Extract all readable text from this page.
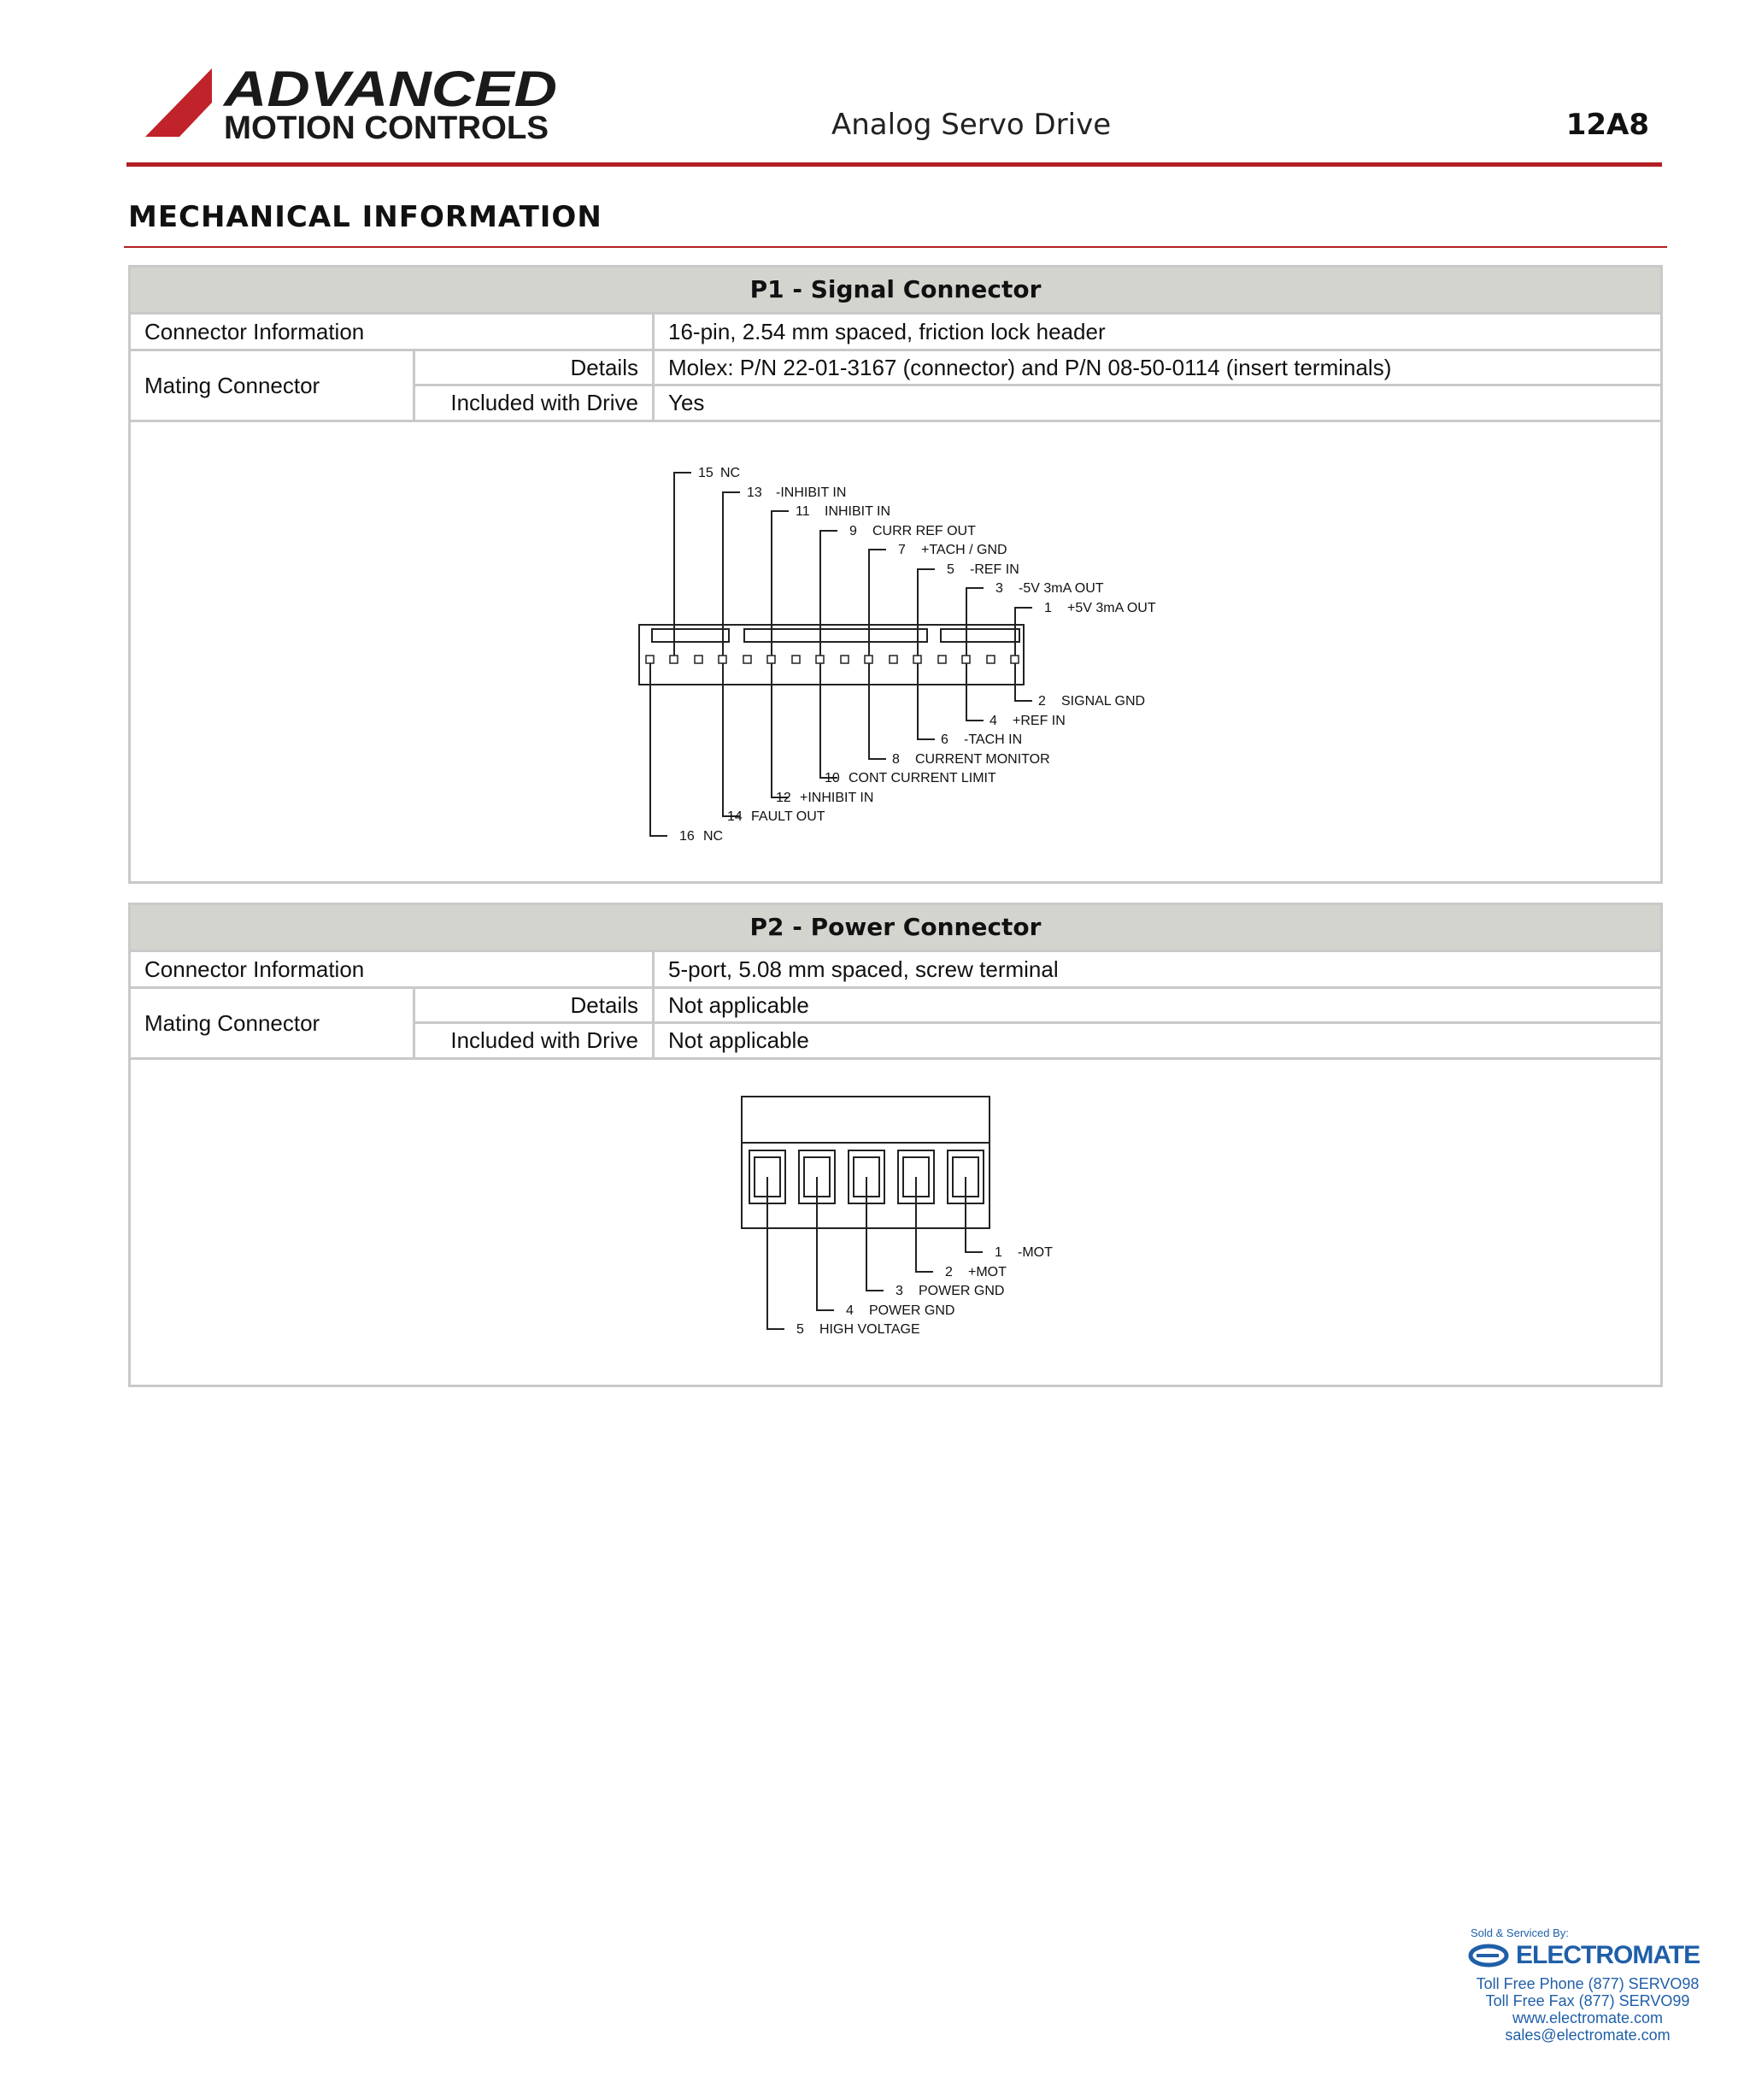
ADVANCED
MOTION CONTROLS	Analog Servo Drive	12A8
MECHANICAL INFORMATION
P1 - Signal Connector
Connector Information	16-pin, 2.54 mm spaced, friction lock header
Mating Connector
Details	Molex: P/N 22-01-3167 (connector) and P/N 08-50-0114 (insert terminals)
Included with Drive	Yes
15 NC
13 -INHIBIT IN
11 INHIBIT IN
9 CURR REF OUT
7 +TACH / GND
5 -REF IN
3 -5V 3mA OUT
1 +5V 3mA OUT
2 SIGNAL GND
4 +REF IN
6 -TACH IN
8 CURRENT MONITOR
10 CONT CURRENT LIMIT
12 +INHIBIT IN
14 FAULT OUT
16 NC
P2 - Power Connector
Connector Information	5-port, 5.08 mm spaced, screw terminal
Mating Connector
Details	Not applicable
Included with Drive	Not applicable
1 -MOT
2 +MOT
3 POWER GND
4 POWER GND
5 HIGH VOLTAGE
Sold & Serviced By:
ELECTROMATE
Toll Free Phone (877) SERVO98
Toll Free Fax (877) SERVO99
www.electromate.com
sales@electromate.com
